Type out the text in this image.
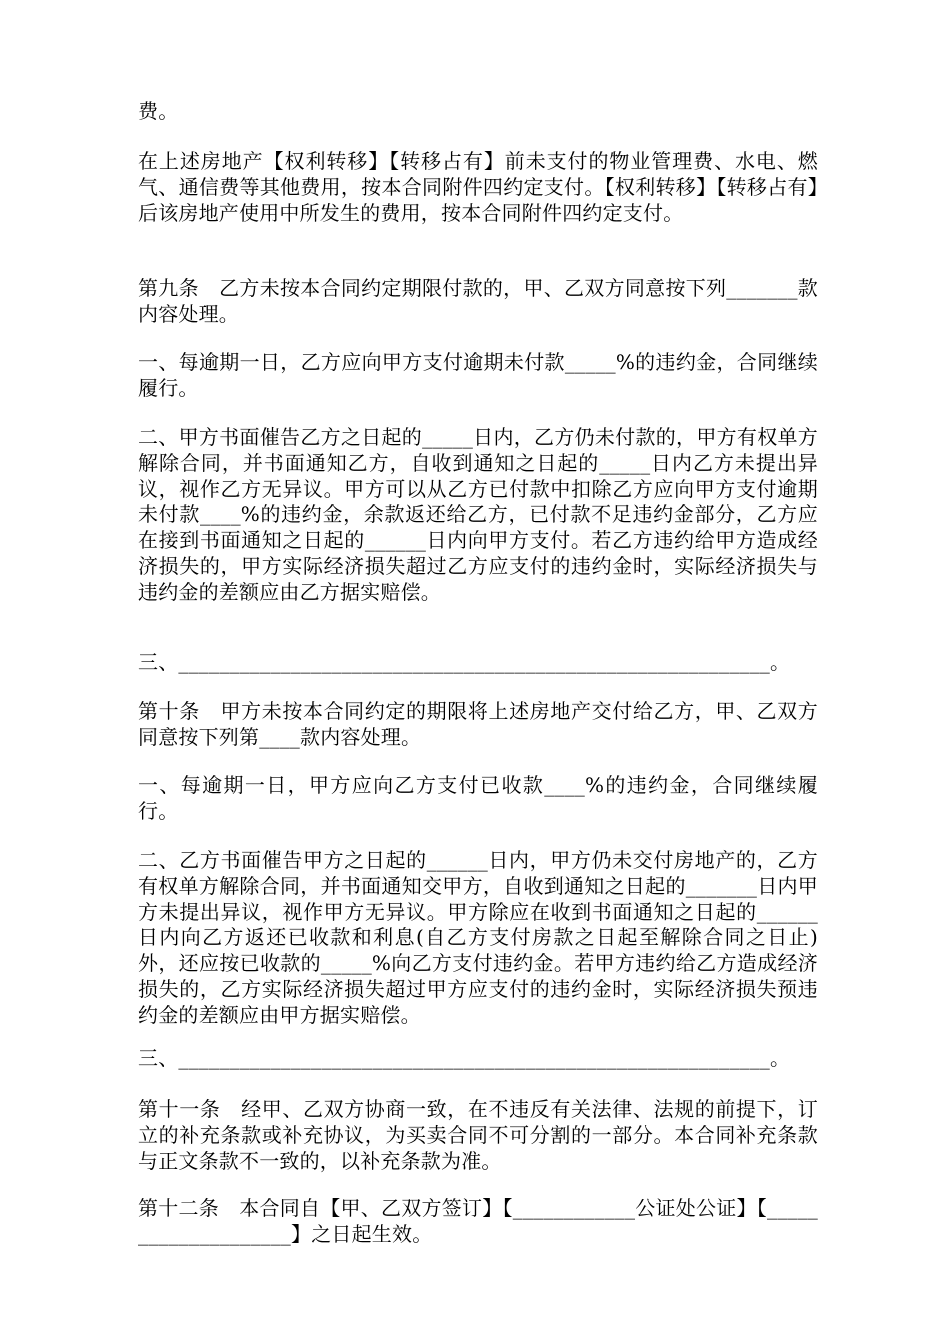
费。
在上述房地产【权利转移】【转移占有】前未支付的物业管理费、水电、燃气、通信费等其他费用，按本合同附件四约定支付。【权利转移】【转移占有】后该房地产使用中所发生的费用，按本合同附件四约定支付。
第九条　乙方未按本合同约定期限付款的，甲、乙双方同意按下列_______款内容处理。
一、每逾期一日，乙方应向甲方支付逾期未付款_____%的违约金，合同继续履行。
二、甲方书面催告乙方之日起的_____日内，乙方仍未付款的，甲方有权单方解除合同，并书面通知乙方，自收到通知之日起的_____日内乙方未提出异议，视作乙方无异议。甲方可以从乙方已付款中扣除乙方应向甲方支付逾期未付款____%的违约金，余款返还给乙方，已付款不足违约金部分，乙方应在接到书面通知之日起的______日内向甲方支付。若乙方违约给甲方造成经济损失的，甲方实际经济损失超过乙方应支付的违约金时，实际经济损失与违约金的差额应由乙方据实赔偿。
三、__________________________________________________________。
第十条　甲方未按本合同约定的期限将上述房地产交付给乙方，甲、乙双方同意按下列第____款内容处理。
一、每逾期一日，甲方应向乙方支付已收款____%的违约金，合同继续履行。
二、乙方书面催告甲方之日起的______日内，甲方仍未交付房地产的，乙方有权单方解除合同，并书面通知交甲方，自收到通知之日起的_______日内甲方未提出异议，视作甲方无异议。甲方除应在收到书面通知之日起的______日内向乙方返还已收款和利息(自乙方支付房款之日起至解除合同之日止)外，还应按已收款的_____%向乙方支付违约金。若甲方违约给乙方造成经济损失的，乙方实际经济损失超过甲方应支付的违约金时，实际经济损失预违约金的差额应由甲方据实赔偿。
三、__________________________________________________________。
第十一条　经甲、乙双方协商一致，在不违反有关法律、法规的前提下，订立的补充条款或补充协议，为买卖合同不可分割的一部分。本合同补充条款与正文条款不一致的，以补充条款为准。
第十二条　本合同自【甲、乙双方签订】【____________公证处公证】【____________________】之日起生效。
